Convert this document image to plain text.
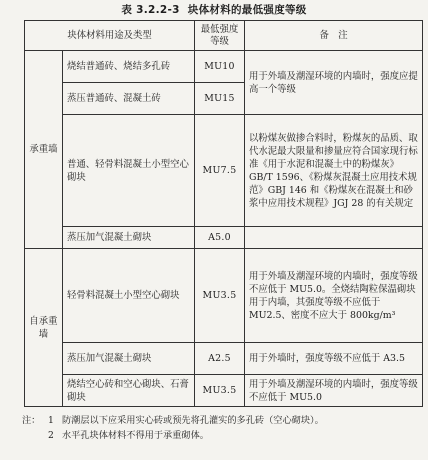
表 3.2.2-3 块体材料的最低强度等级
块体材料用途及类型		最低强度等级	备　注
承重墙	烧结普通砖、烧结多孔砖	MU10	用于外墙及潮湿环境的内墙时，强度应提高一个等级
	蒸压普通砖、混凝土砖	MU15	
	普通、轻骨料混凝土小型空心砌块	MU7.5	以粉煤灰做掺合料时，粉煤灰的品质、取代水泥最大限量和掺量应符合国家现行标准《用于水泥和混凝土中的粉煤灰》GB/T 1596、《粉煤灰混凝土应用技术规范》GBJ 146 和《粉煤灰在混凝土和砂浆中应用技术规程》JGJ 28 的有关规定
	蒸压加气混凝土砌块	A5.0	
自承重墙	轻骨料混凝土小型空心砌块	MU3.5	用于外墙及潮湿环境的内墙时，强度等级不应低于 MU5.0。全烧结陶粒保温砌块用于内墙，其强度等级不应低于 MU2.5、密度不应大于 800kg/m³
	蒸压加气混凝土砌块	A2.5	用于外墙时，强度等级不应低于 A3.5
	烧结空心砖和空心砌块、石膏砌块	MU3.5	用于外墙及潮湿环境的内墙时，强度等级不应低于 MU5.0
注： 1 防潮层以下应采用实心砖或预先将孔灌实的多孔砖（空心砌块）。
2 水平孔块体材料不得用于承重砌体。
